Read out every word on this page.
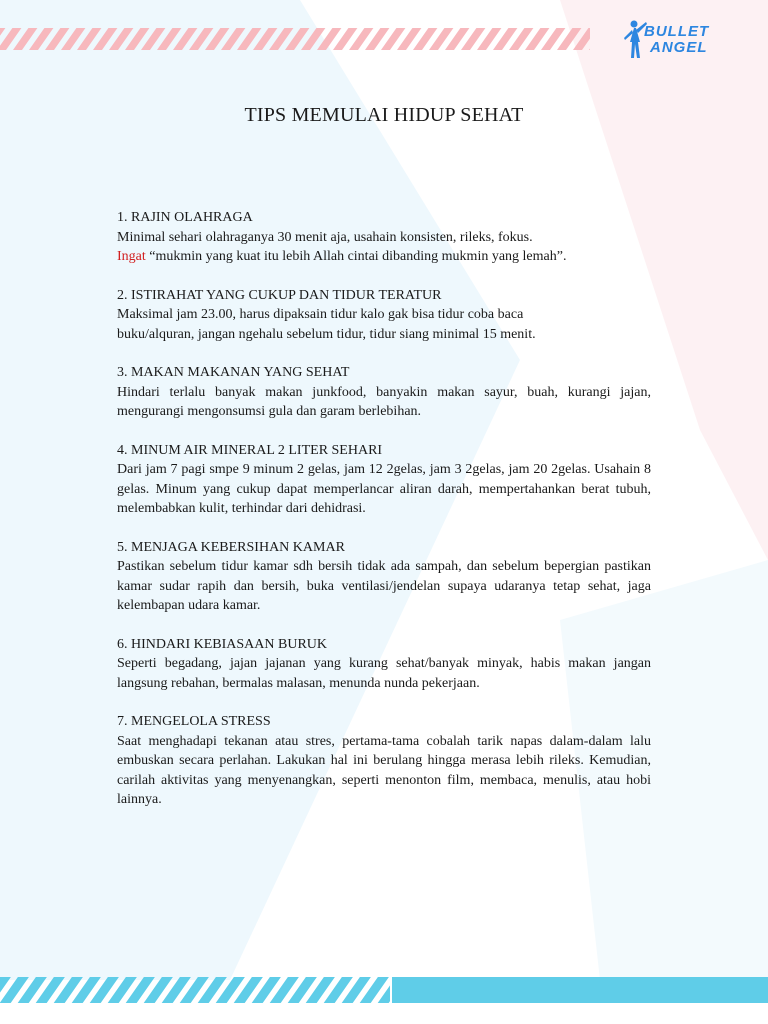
BULLET
ANGEL
TIPS MEMULAI HIDUP SEHAT
1. RAJIN OLAHRAGA
Minimal sehari olahraganya 30 menit aja, usahain konsisten, rileks, fokus.
Ingat “mukmin yang kuat itu lebih Allah cintai dibanding mukmin yang lemah”.
2. ISTIRAHAT YANG CUKUP DAN TIDUR TERATUR
Maksimal jam 23.00, harus dipaksain tidur kalo gak bisa tidur coba baca
buku/alquran, jangan ngehalu sebelum tidur, tidur siang minimal 15 menit.
3. MAKAN MAKANAN YANG SEHAT
Hindari terlalu banyak makan junkfood, banyakin makan sayur, buah, kurangi jajan, mengurangi mengonsumsi gula dan garam berlebihan.
4. MINUM AIR MINERAL 2 LITER SEHARI
Dari jam 7 pagi smpe 9 minum 2 gelas, jam 12 2gelas, jam 3 2gelas, jam 20 2gelas. Usahain 8 gelas. Minum yang cukup dapat memperlancar aliran darah, mempertahankan berat tubuh, melembabkan kulit, terhindar dari dehidrasi.
5. MENJAGA KEBERSIHAN KAMAR
Pastikan sebelum tidur kamar sdh bersih tidak ada sampah, dan sebelum bepergian pastikan kamar sudar rapih dan bersih, buka ventilasi/jendelan supaya udaranya tetap sehat, jaga kelembapan udara kamar.
6. HINDARI KEBIASAAN BURUK
Seperti begadang, jajan jajanan yang kurang sehat/banyak minyak, habis makan jangan langsung rebahan, bermalas malasan, menunda nunda pekerjaan.
7. MENGELOLA STRESS
Saat menghadapi tekanan atau stres, pertama-tama cobalah tarik napas dalam-dalam lalu embuskan secara perlahan. Lakukan hal ini berulang hingga merasa lebih rileks. Kemudian, carilah aktivitas yang menyenangkan, seperti menonton film, membaca, menulis, atau hobi lainnya.
